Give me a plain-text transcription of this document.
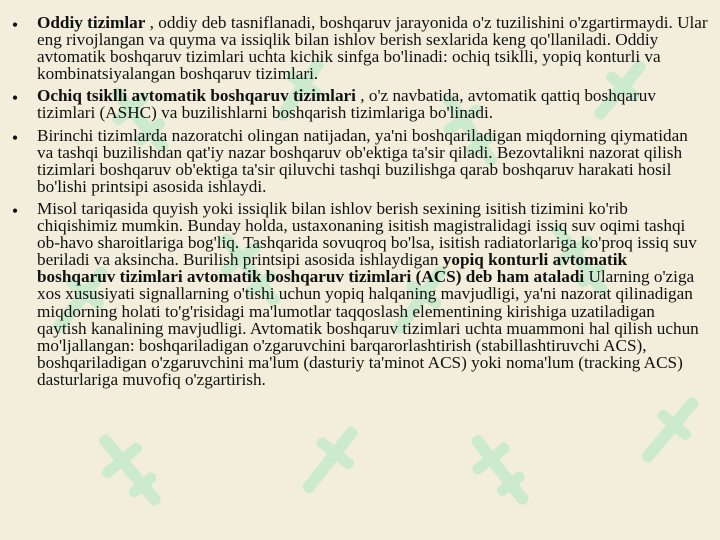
• Oddiy tizimlar , oddiy deb tasniflanadi, boshqaruv jarayonida o'z tuzilishini o'zgartirmaydi. Ular eng rivojlangan va quyma va issiqlik bilan ishlov berish sexlarida keng qo'llaniladi. Oddiy avtomatik boshqaruv tizimlari uchta kichik sinfga bo'linadi: ochiq tsiklli, yopiq konturli va kombinatsiyalangan boshqaruv tizimlari.
• Ochiq tsiklli avtomatik boshqaruv tizimlari , o'z navbatida, avtomatik qattiq boshqaruv tizimlari (ASHC) va buzilishlarni boshqarish tizimlariga bo'linadi.
• Birinchi tizimlarda nazoratchi olingan natijadan, ya'ni boshqariladigan miqdorning qiymatidan va tashqi buzilishdan qat'iy nazar boshqaruv ob'ektiga ta'sir qiladi. Bezovtalikni nazorat qilish tizimlari boshqaruv ob'ektiga ta'sir qiluvchi tashqi buzilishga qarab boshqaruv harakati hosil bo'lishi printsipi asosida ishlaydi.
• Misol tariqasida quyish yoki issiqlik bilan ishlov berish sexining isitish tizimini ko'rib chiqishimiz mumkin. Bunday holda, ustaxonaning isitish magistralidagi issiq suv oqimi tashqi ob-havo sharoitlariga bog'liq. Tashqarida sovuqroq bo'lsa, isitish radiatorlariga ko'proq issiq suv beriladi va aksincha. Burilish printsipi asosida ishlaydigan yopiq konturli avtomatik boshqaruv tizimlari avtomatik boshqaruv tizimlari (ACS) deb ham ataladi Ularning o'ziga xos xususiyati signallarning o'tishi uchun yopiq halqaning mavjudligi, ya'ni nazorat qilinadigan miqdorning holati to'g'risidagi ma'lumotlar taqqoslash elementining kirishiga uzatiladigan qaytish kanalining mavjudligi. Avtomatik boshqaruv tizimlari uchta muammoni hal qilish uchun mo'ljallangan: boshqariladigan o'zgaruvchini barqarorlashtirish (stabillashtiruvchi ACS), boshqariladigan o'zgaruvchini ma'lum (dasturiy ta'minot ACS) yoki noma'lum (tracking ACS) dasturlariga muvofiq o'zgartirish.
